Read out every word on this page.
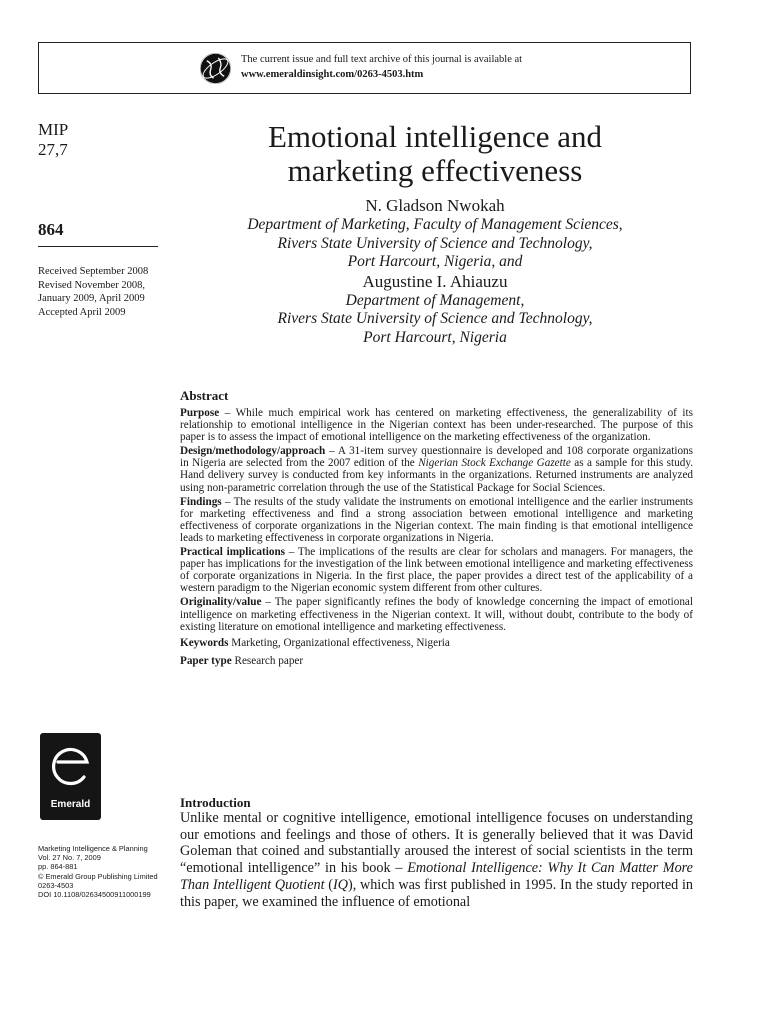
The current issue and full text archive of this journal is available at
www.emeraldinsight.com/0263-4503.htm
MIP
27,7
864
Received September 2008
Revised November 2008,
January 2009, April 2009
Accepted April 2009
Emotional intelligence and
marketing effectiveness
N. Gladson Nwokah
Department of Marketing, Faculty of Management Sciences,
Rivers State University of Science and Technology,
Port Harcourt, Nigeria, and
Augustine I. Ahiauzu
Department of Management,
Rivers State University of Science and Technology,
Port Harcourt, Nigeria
Abstract

Purpose – While much empirical work has centered on marketing effectiveness, the generalizability of its relationship to emotional intelligence in the Nigerian context has been under-researched. The purpose of this paper is to assess the impact of emotional intelligence on the marketing effectiveness of the organization.

Design/methodology/approach – A 31-item survey questionnaire is developed and 108 corporate organizations in Nigeria are selected from the 2007 edition of the Nigerian Stock Exchange Gazette as a sample for this study. Hand delivery survey is conducted from key informants in the organizations. Returned instruments are analyzed using non-parametric correlation through the use of the Statistical Package for Social Sciences.

Findings – The results of the study validate the instruments on emotional intelligence and the earlier instruments for marketing effectiveness and find a strong association between emotional intelligence and marketing effectiveness of corporate organizations in the Nigerian context. The main finding is that emotional intelligence leads to marketing effectiveness in corporate organizations in Nigeria.

Practical implications – The implications of the results are clear for scholars and managers. For managers, the paper has implications for the investigation of the link between emotional intelligence and marketing effectiveness of corporate organizations in Nigeria. In the first place, the paper provides a direct test of the applicability of a western paradigm to the Nigerian economic system different from other cultures.

Originality/value – The paper significantly refines the body of knowledge concerning the impact of emotional intelligence on marketing effectiveness in the Nigerian context. It will, without doubt, contribute to the body of existing literature on emotional intelligence and marketing effectiveness.

Keywords Marketing, Organizational effectiveness, Nigeria

Paper type Research paper

Emerald
Marketing Intelligence & Planning
Vol. 27 No. 7, 2009
pp. 864-881
© Emerald Group Publishing Limited
0263-4503
DOI 10.1108/02634500911000199
Introduction

Unlike mental or cognitive intelligence, emotional intelligence focuses on understanding our emotions and feelings and those of others. It is generally believed that it was David Goleman that coined and substantially aroused the interest of social scientists in the term “emotional intelligence” in his book – Emotional Intelligence: Why It Can Matter More Than Intelligent Quotient (IQ), which was first published in 1995. In the study reported in this paper, we examined the influence of emotional
